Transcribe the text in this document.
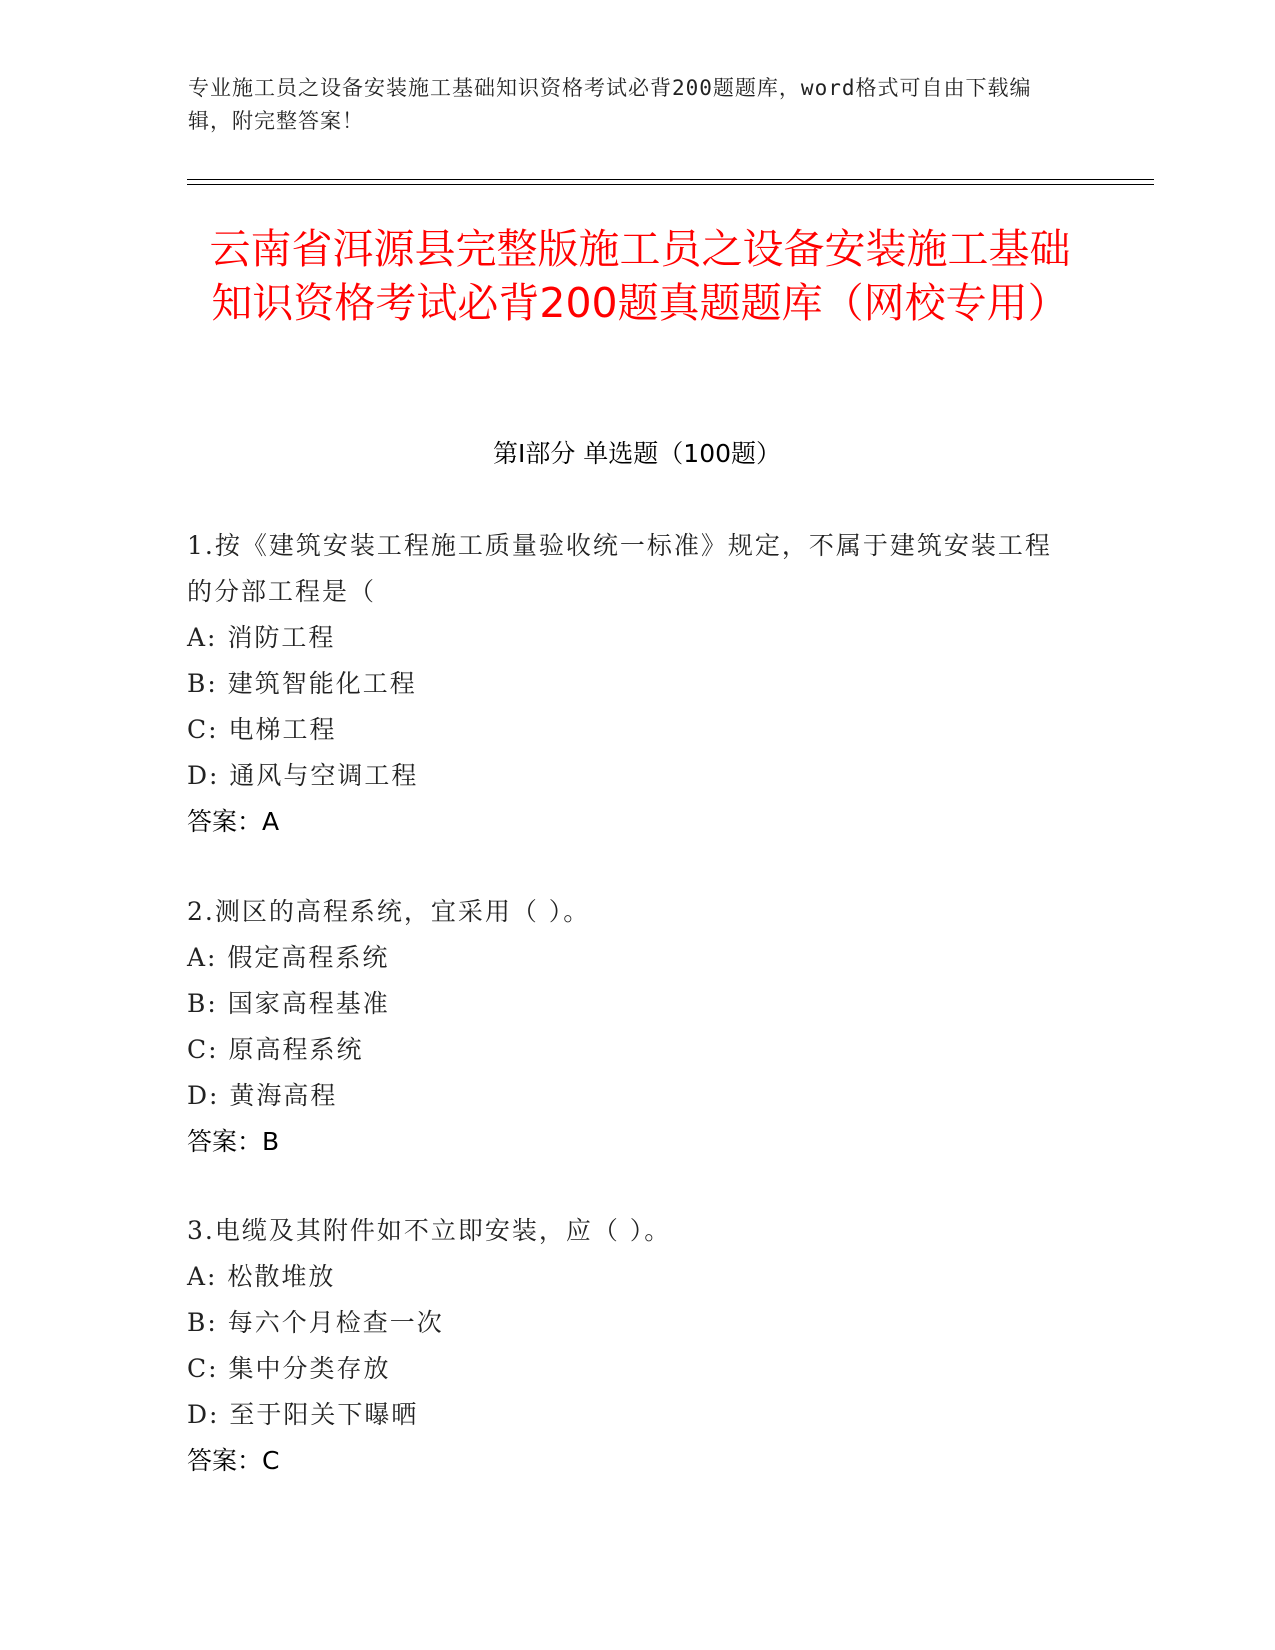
专业施工员之设备安装施工基础知识资格考试必背200题题库，word格式可自由下载编辑，附完整答案！
云南省洱源县完整版施工员之设备安装施工基础知识资格考试必背200题真题题库（网校专用）
第Ⅰ部分 单选题（100题）
1.按《建筑安装工程施工质量验收统一标准》规定，不属于建筑安装工程的分部工程是（
A: 消防工程
B: 建筑智能化工程
C: 电梯工程
D: 通风与空调工程
答案：A
2.测区的高程系统，宜采用（ ）。
A: 假定高程系统
B: 国家高程基准
C: 原高程系统
D: 黄海高程
答案：B
3.电缆及其附件如不立即安装，应（ ）。
A: 松散堆放
B: 每六个月检查一次
C: 集中分类存放
D: 至于阳关下曝晒
答案：C
